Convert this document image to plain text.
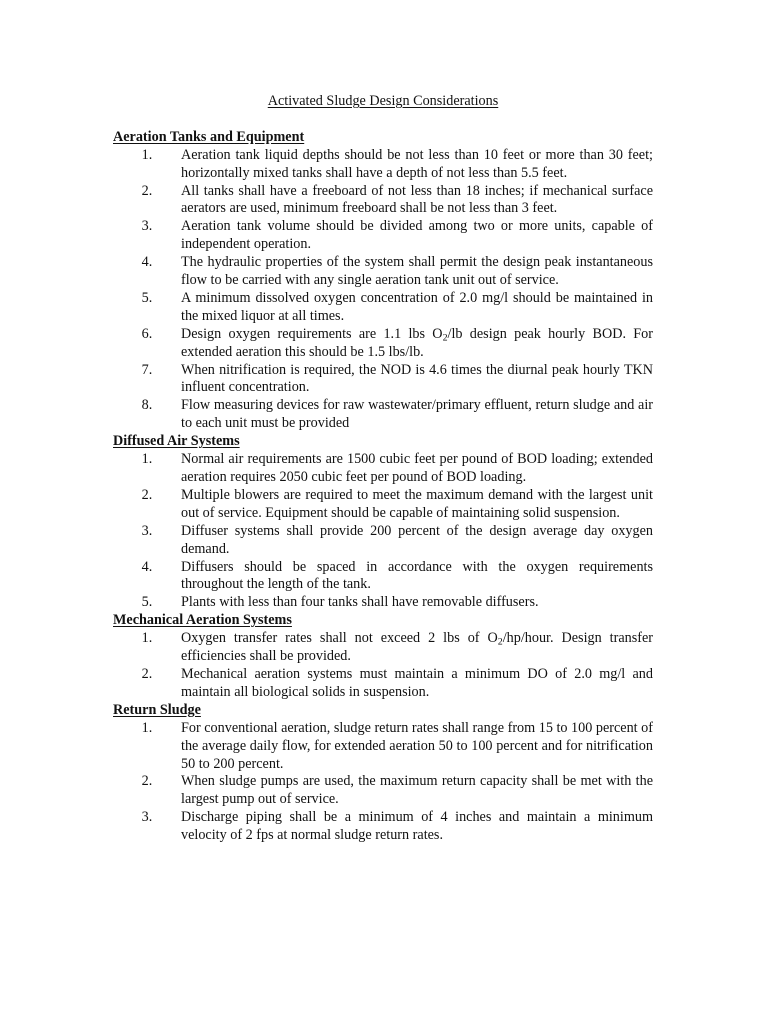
Activated Sludge Design Considerations
Aeration Tanks and Equipment
1.	Aeration tank liquid depths should be not less than 10 feet or more than 30 feet; horizontally mixed tanks shall have a depth of not less than 5.5 feet.
2.	All tanks shall have a freeboard of not less than 18 inches; if mechanical surface aerators are used, minimum freeboard shall be not less than 3 feet.
3.	Aeration tank volume should be divided among two or more units, capable of independent operation.
4.	The hydraulic properties of the system shall permit the design peak instantaneous flow to be carried with any single aeration tank unit out of service.
5.	A minimum dissolved oxygen concentration of 2.0 mg/l should be maintained in the mixed liquor at all times.
6.	Design oxygen requirements are 1.1 lbs $O_2/lb$ design peak hourly BOD. For extended aeration this should be 1.5 lbs/lb.
7.	When nitrification is required, the NOD is 4.6 times the diurnal peak hourly TKN influent concentration.
8.	Flow measuring devices for raw wastewater/primary effluent, return sludge and air to each unit must be provided
Diffused Air Systems
1.	Normal air requirements are 1500 cubic feet per pound of BOD loading; extended aeration requires 2050 cubic feet per pound of BOD loading.
2.	Multiple blowers are required to meet the maximum demand with the largest unit out of service. Equipment should be capable of maintaining solid suspension.
3.	Diffuser systems shall provide 200 percent of the design average day oxygen demand.
4.	Diffusers should be spaced in accordance with the oxygen requirements throughout the length of the tank.
5.	Plants with less than four tanks shall have removable diffusers.
Mechanical Aeration Systems
1.	Oxygen transfer rates shall not exceed 2 lbs of $O_2/hp$/hour. Design transfer efficiencies shall be provided.
2.	Mechanical aeration systems must maintain a minimum DO of 2.0 mg/l and maintain all biological solids in suspension.
Return Sludge
1.	For conventional aeration, sludge return rates shall range from 15 to 100 percent of the average daily flow, for extended aeration 50 to 100 percent and for nitrification 50 to 200 percent.
2.	When sludge pumps are used, the maximum return capacity shall be met with the largest pump out of service.
3.	Discharge piping shall be a minimum of 4 inches and maintain a minimum velocity of 2 fps at normal sludge return rates.
